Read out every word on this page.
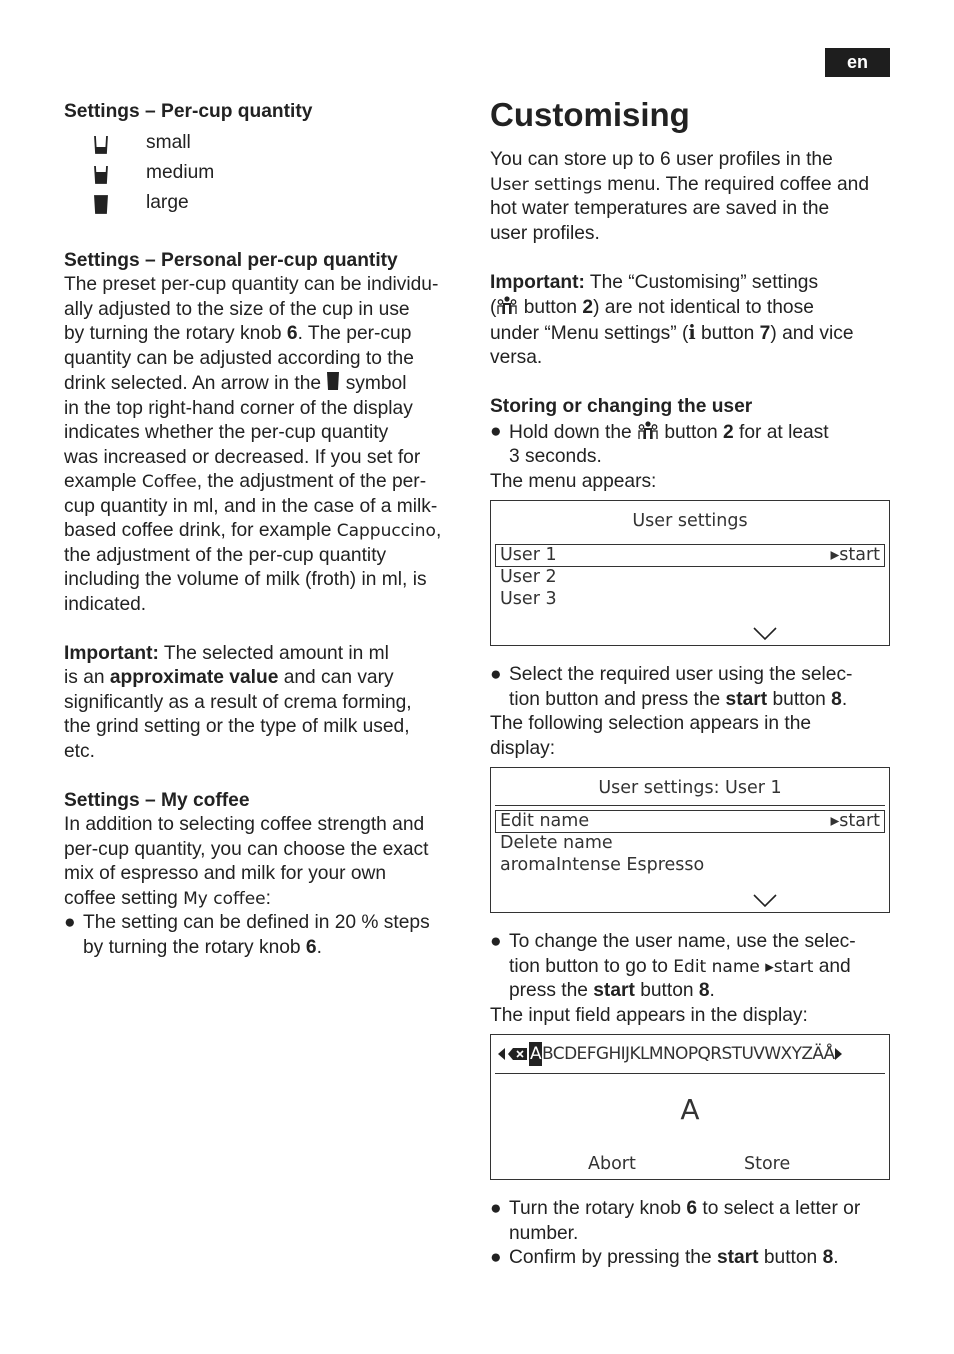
en

Settings – Per-cup quantity

small
medium
large

Settings – Personal per-cup quantity

The preset per-cup quantity can be individu-

ally adjusted to the size of the cup in use

by turning the rotary knob 6. The per-cup

quantity can be adjusted according to the

drink selected. An arrow in the  symbol

in the top right-hand corner of the display

indicates whether the per-cup quantity

was increased or decreased. If you set for

example Coffee, the adjustment of the per-

cup quantity in ml, and in the case of a milk-

based coffee drink, for example Cappuccino,

the adjustment of the per-cup quantity

including the volume of milk (froth) in ml, is

indicated.

Important: The selected amount in ml

is an approximate value and can vary

significantly as a result of crema forming,

the grind setting or the type of milk used,

etc.

Settings – My coffee

In addition to selecting coffee strength and

per-cup quantity, you can choose the exact

mix of espresso and milk for your own

coffee setting My coffee:

● The setting can be defined in 20 % steps

by turning the rotary knob 6.

Customising

You can store up to 6 user profiles in the

User settings menu. The required coffee and

hot water temperatures are saved in the

user profiles.

Important: The “Customising” settings

( button 2) are not identical to those

under “Menu settings” (i button 7) and vice

versa.

Storing or changing the user

● Hold down the  button 2 for at least

3 seconds.

The menu appears:

User settings
User 1	▸start
User 2
User 3
● Select the required user using the selec-

tion button and press the start button 8.

The following selection appears in the

display:

User settings: User 1
Edit name	▸start
Delete name
aromaIntense Espresso
● To change the user name, use the selec-

tion button to go to Edit name ▸start and

press the start button 8.

The input field appears in the display:

A BCDEFGHIJKLMNOPQRSTUVWXYZÄÅ
A
Abort	Store
● Turn the rotary knob 6 to select a letter or

number.

● Confirm by pressing the start button 8.
